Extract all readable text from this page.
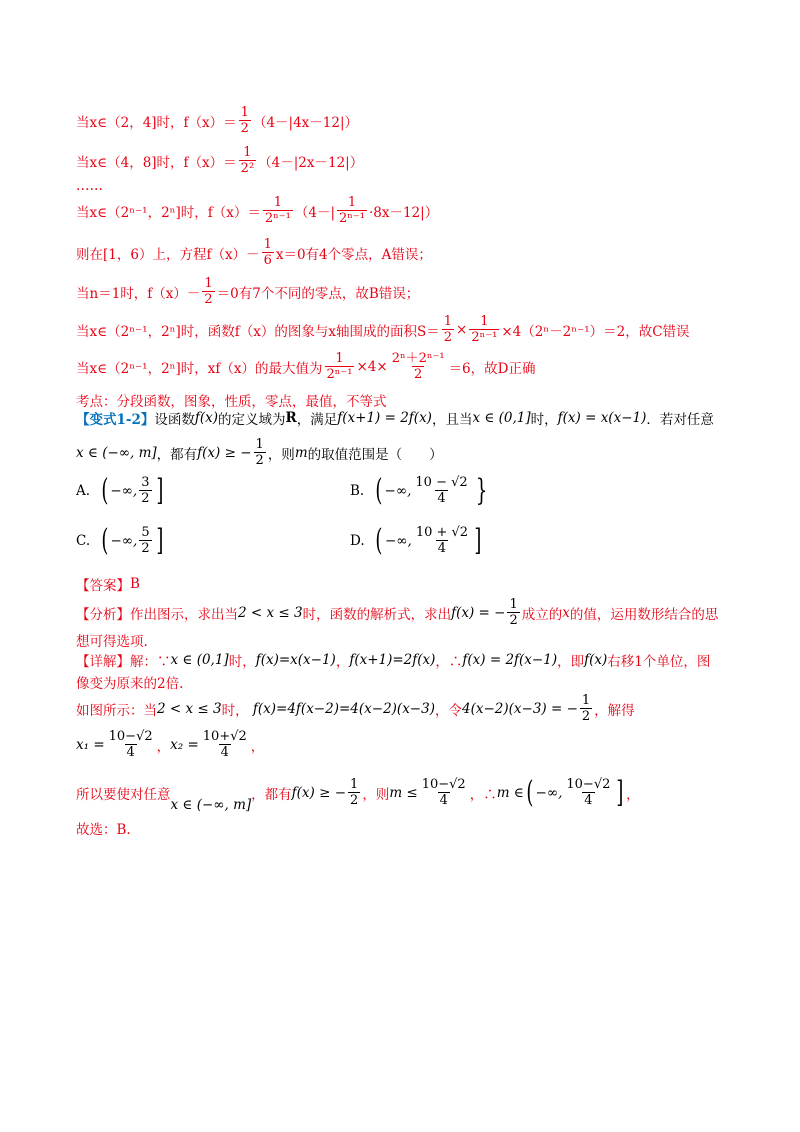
当x∈（2，4]时，$f(x)= \frac{1}{2} (4-|4x-12|)$
当x∈（4，8]时，$f(x)= \frac{1}{\text{2²}} (4-|2x-12|)$
……
当x∈（2ⁿ⁻¹，2ⁿ]时，$f(x)= \frac{1}{\text{2ⁿ⁻¹}} (4-| \frac{1}{\text{2ⁿ⁻¹}} \cdot 8x-12|)$
则在[1，6）上，方程$f(x)- \frac{1}{6} x=0$有4个零点，A错误；
当n＝1时，$f(x)- \frac{1}{2} =0$有7个不同的零点，故B错误；
当x∈（2ⁿ⁻¹，2ⁿ]时，函数f（x）的图象与x轴围成的面积$S= \frac{1}{2} \times \frac{1}{\text{2ⁿ⁻¹}} \times 4(2^n-2^{n-1}) =2$，故C错误
当x∈（2ⁿ⁻¹，2ⁿ]时，xf（x）的最大值为 $\frac{1}{\text{2ⁿ⁻¹}} \times 4\times \frac{\text{2ⁿ＋2ⁿ⁻¹}}{2} =6$，故D正确
考点：分段函数，图象，性质，零点，最值，不等式
【变式1-2】 设函数 f(x) 的定义域为 R ，满足 f(x+1) = 2f(x) ，且当 x ∈ (0,1] 时， f(x) = x(x−1) ．若对任意
x ∈ (−∞, m] ，都有 f(x) ≥ − $\frac{1}{2}$ ，则 m 的取值范围是（　　）
A.
( −∞, $\frac{3}{2}$ ]	B.
( −∞, $\frac{10 - √2}{4}$ }
C.
( −∞, $\frac{5}{2}$ ]	D.
( −∞, $\frac{10 + √2}{4}$ ]
【答案】 B
【分析】 作出图示，求出当 2 < x ≤ 3 时，函数的解析式，求出 f(x) = − $\frac{1}{2}$ 成立的 x 的值，运用数形结合的思
想可得选项.
【详解】 解：∵ x ∈ (0,1] 时， f(x)=x(x−1) ， f(x+1)=2f(x) ，∴ f(x) = 2f(x−1) ，即 f(x) 右移1个单位，图
像变为原来的2倍.
如图所示：当 2 < x ≤ 3 时，
f(x)=4f(x−2)=4(x−2)(x−3) ，令 4(x−2)(x−3) = − $\frac{1}{2}$ ，解得
$x_1 = \frac{10-√2}{4}$ ， $x_2 = \frac{10+√2}{4}$ ，
所以要使对任意
x ∈ (−∞, m]
，都有 f(x) ≥ − $\frac{1}{2}$ ，则 $m \le \frac{10-√2}{4}$ ，∴ m ∈ ( −∞, $\frac{10-√2}{4}$ ] ，
故选：B.
